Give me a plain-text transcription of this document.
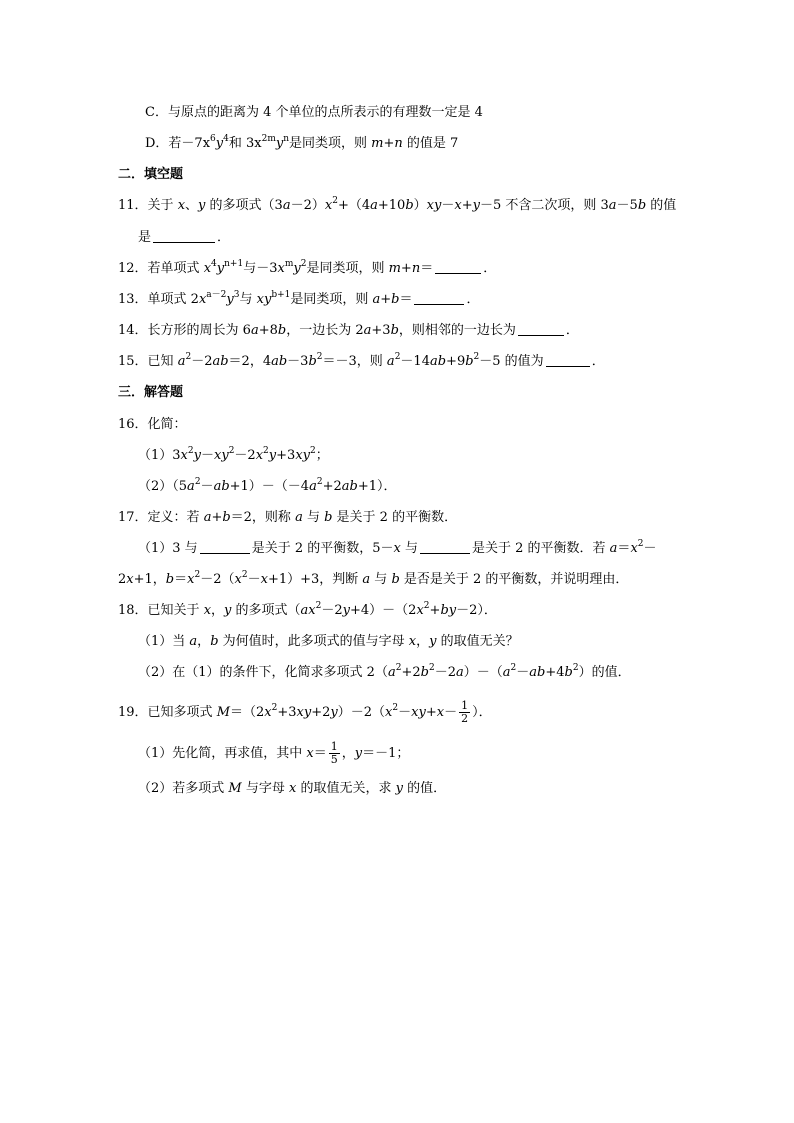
C．与原点的距离为 4 个单位的点所表示的有理数一定是 4
D．若$-7x^6y^4$和 $3x^{2m}y^n$是同类项，则 m+n 的值是 7
二．填空题
11．关于 x、y 的多项式$(3a-2)x^2+(4a+10b)xy-x+y-5$ 不含二次项，则 3a－5b 的值
是	．
12．若单项式 $x^4y^{n+1}$与$-3x^my^2$是同类项，则 m+n＝	．
13．单项式 $2x^{a-2}y^3$与 $xy^{b+1}$是同类项，则 a+b＝	．
14．长方形的周长为 6a+8b，一边长为 2a+3b，则相邻的一边长为	．
15．已知 $a^2-2ab=2$，$4ab-3b^2=-3$，则 $a^2-14ab+9b^2-5$ 的值为	．
三．解答题
16．化简：
$(1)3x^2y-xy^2-2x^2y+3xy^2$；
$(2)(5a^2-ab+1)-(-4a^2+2ab+1)$．
17．定义：若 a+b＝2，则称 a 与 b 是关于 2 的平衡数．
（1）3 与	是关于 2 的平衡数，5－x 与	是关于 2 的平衡数．若 $a=x^2-$
2x+1，$b=x^2-2(x^2-x+1)+3$，判断 a 与 b 是否是关于 2 的平衡数，并说明理由．
18．已知关于 x，y 的多项式$(ax^2-2y+4)-(2x^2+by-2)$．
（1）当 a，b 为何值时，此多项式的值与字母 x，y 的取值无关？
（2）在（1）的条件下，化简求多项式 $2(a^2+2b^2-2a)-(a^2-ab+4b^2)$的值．
19．已知多项式 $M=(2x^2+3xy+2y)-2(x^2-xy+x- \frac{1}{2}$ ）．
（1）先化简，再求值，其中 $x= \frac{1}{5}$ ，y＝－1；
（2）若多项式 M 与字母 x 的取值无关，求 y 的值．
